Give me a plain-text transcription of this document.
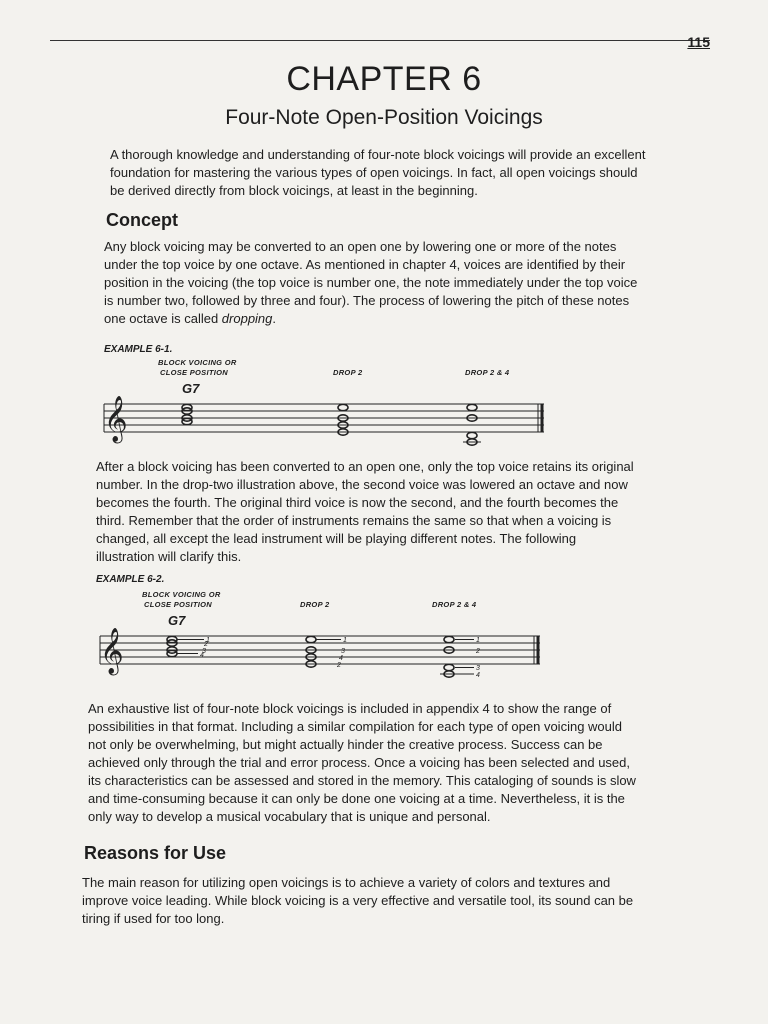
115
CHAPTER 6
Four-Note Open-Position Voicings

A thorough knowledge and understanding of four-note block voicings will provide an excellent foundation for mastering the various types of open voicings. In fact, all open voicings should be derived directly from block voicings, at least in the beginning.

Concept

Any block voicing may be converted to an open one by lowering one or more of the notes under the top voice by one octave. As mentioned in chapter 4, voices are identified by their position in the voicing (the top voice is number one, the note immediately under the top voice is number two, followed by three and four). The process of lowering the pitch of these notes one octave is called dropping.

EXAMPLE 6-1.
BLOCK VOICING OR
CLOSE POSITION	DROP 2	DROP 2 & 4
G7
𝄞

After a block voicing has been converted to an open one, only the top voice retains its original number. In the drop-two illustration above, the second voice was lowered an octave and now becomes the fourth. The original third voice is now the second, and the fourth becomes the third. Remember that the order of instruments remains the same so that when a voicing is changed, all except the lead instrument will be playing different notes. The following illustration will clarify this.

EXAMPLE 6-2.
BLOCK VOICING OR
CLOSE POSITION	DROP 2	DROP 2 & 4
G7
𝄞	1
2
3
4
1
3
4
2
1
2
3
4

An exhaustive list of four-note block voicings is included in appendix 4 to show the range of possibilities in that format. Including a similar compilation for each type of open voicing would not only be overwhelming, but might actually hinder the creative process. Success can be achieved only through the trial and error process. Once a voicing has been selected and used, its characteristics can be assessed and stored in the memory. This cataloging of sounds is slow and time-consuming because it can only be done one voicing at a time. Nevertheless, it is the only way to develop a musical vocabulary that is unique and personal.

Reasons for Use

The main reason for utilizing open voicings is to achieve a variety of colors and textures and improve voice leading. While block voicing is a very effective and versatile tool, its sound can be tiring if used for too long.
